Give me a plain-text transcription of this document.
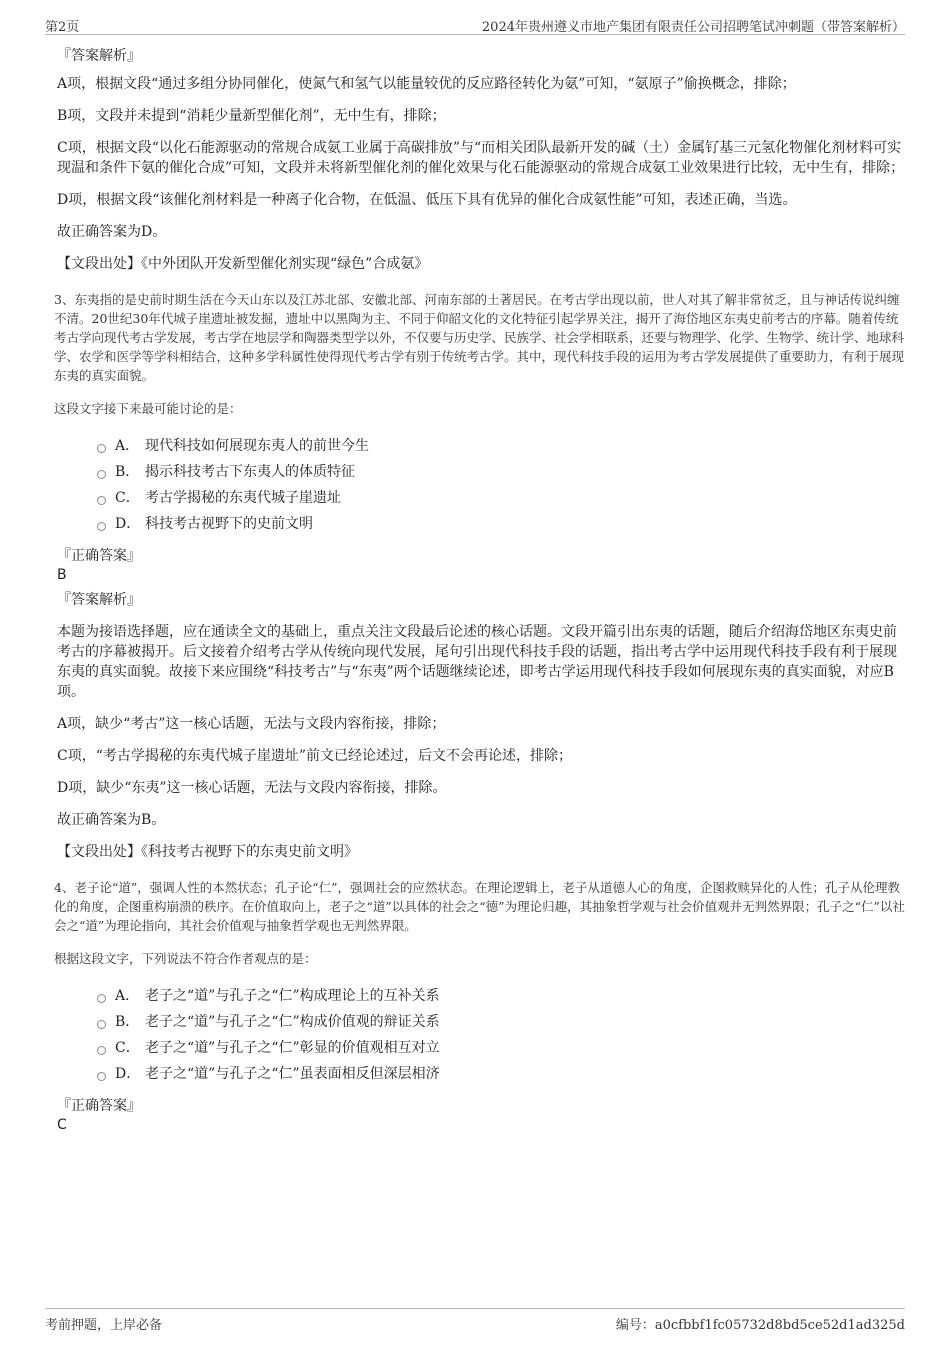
第2页	2024年贵州遵义市地产集团有限责任公司招聘笔试冲刺题（带答案解析）
『答案解析』
A项，根据文段“通过多组分协同催化，使氮气和氢气以能量较优的反应路径转化为氨”可知，“氨原子”偷换概念，排除；
B项，文段并未提到“消耗少量新型催化剂”，无中生有，排除；
C项，根据文段“以化石能源驱动的常规合成氨工业属于高碳排放”与“而相关团队最新开发的碱（土）金属钌基三元氢化物催化剂材料可实现温和条件下氨的催化合成”可知，文段并未将新型催化剂的催化效果与化石能源驱动的常规合成氨工业效果进行比较，无中生有，排除；
D项，根据文段“该催化剂材料是一种离子化合物，在低温、低压下具有优异的催化合成氨性能”可知，表述正确，当选。
故正确答案为D。
【文段出处】《中外团队开发新型催化剂实现“绿色”合成氨》
3、东夷指的是史前时期生活在今天山东以及江苏北部、安徽北部、河南东部的土著居民。在考古学出现以前，世人对其了解非常贫乏，且与神话传说纠缠不清。20世纪30年代城子崖遗址被发掘，遗址中以黑陶为主、不同于仰韶文化的文化特征引起学界关注，揭开了海岱地区东夷史前考古的序幕。随着传统考古学向现代考古学发展，考古学在地层学和陶器类型学以外，不仅要与历史学、民族学、社会学相联系，还要与物理学、化学、生物学、统计学、地球科学、农学和医学等学科相结合，这种多学科属性使得现代考古学有别于传统考古学。其中，现代科技手段的运用为考古学发展提供了重要助力，有利于展现东夷的真实面貌。
这段文字接下来最可能讨论的是：
A． 现代科技如何展现东夷人的前世今生
B． 揭示科技考古下东夷人的体质特征
C． 考古学揭秘的东夷代城子崖遗址
D． 科技考古视野下的史前文明
『正确答案』
B
『答案解析』
本题为接语选择题，应在通读全文的基础上，重点关注文段最后论述的核心话题。文段开篇引出东夷的话题，随后介绍海岱地区东夷史前考古的序幕被揭开。后文接着介绍考古学从传统向现代发展，尾句引出现代科技手段的话题，指出考古学中运用现代科技手段有利于展现东夷的真实面貌。故接下来应围绕“科技考古”与“东夷”两个话题继续论述，即考古学运用现代科技手段如何展现东夷的真实面貌，对应B项。
A项，缺少“考古”这一核心话题，无法与文段内容衔接，排除；
C项，“考古学揭秘的东夷代城子崖遗址”前文已经论述过，后文不会再论述，排除；
D项，缺少“东夷”这一核心话题，无法与文段内容衔接，排除。
故正确答案为B。
【文段出处】《科技考古视野下的东夷史前文明》
4、老子论“道”，强调人性的本然状态；孔子论“仁”，强调社会的应然状态。在理论逻辑上，老子从道德人心的角度，企图救赎异化的人性；孔子从伦理教化的角度，企图重构崩溃的秩序。在价值取向上，老子之“道”以具体的社会之“德”为理论归趣，其抽象哲学观与社会价值观并无判然界限；孔子之“仁”以社会之“道”为理论指向，其社会价值观与抽象哲学观也无判然界限。
根据这段文字，下列说法不符合作者观点的是：
A． 老子之“道”与孔子之“仁”构成理论上的互补关系
B． 老子之“道”与孔子之“仁”构成价值观的辩证关系
C． 老子之“道”与孔子之“仁”彰显的价值观相互对立
D． 老子之“道”与孔子之“仁”虽表面相反但深层相济
『正确答案』
C
考前押题，上岸必备	编号：a0cfbbf1fc05732d8bd5ce52d1ad325d
